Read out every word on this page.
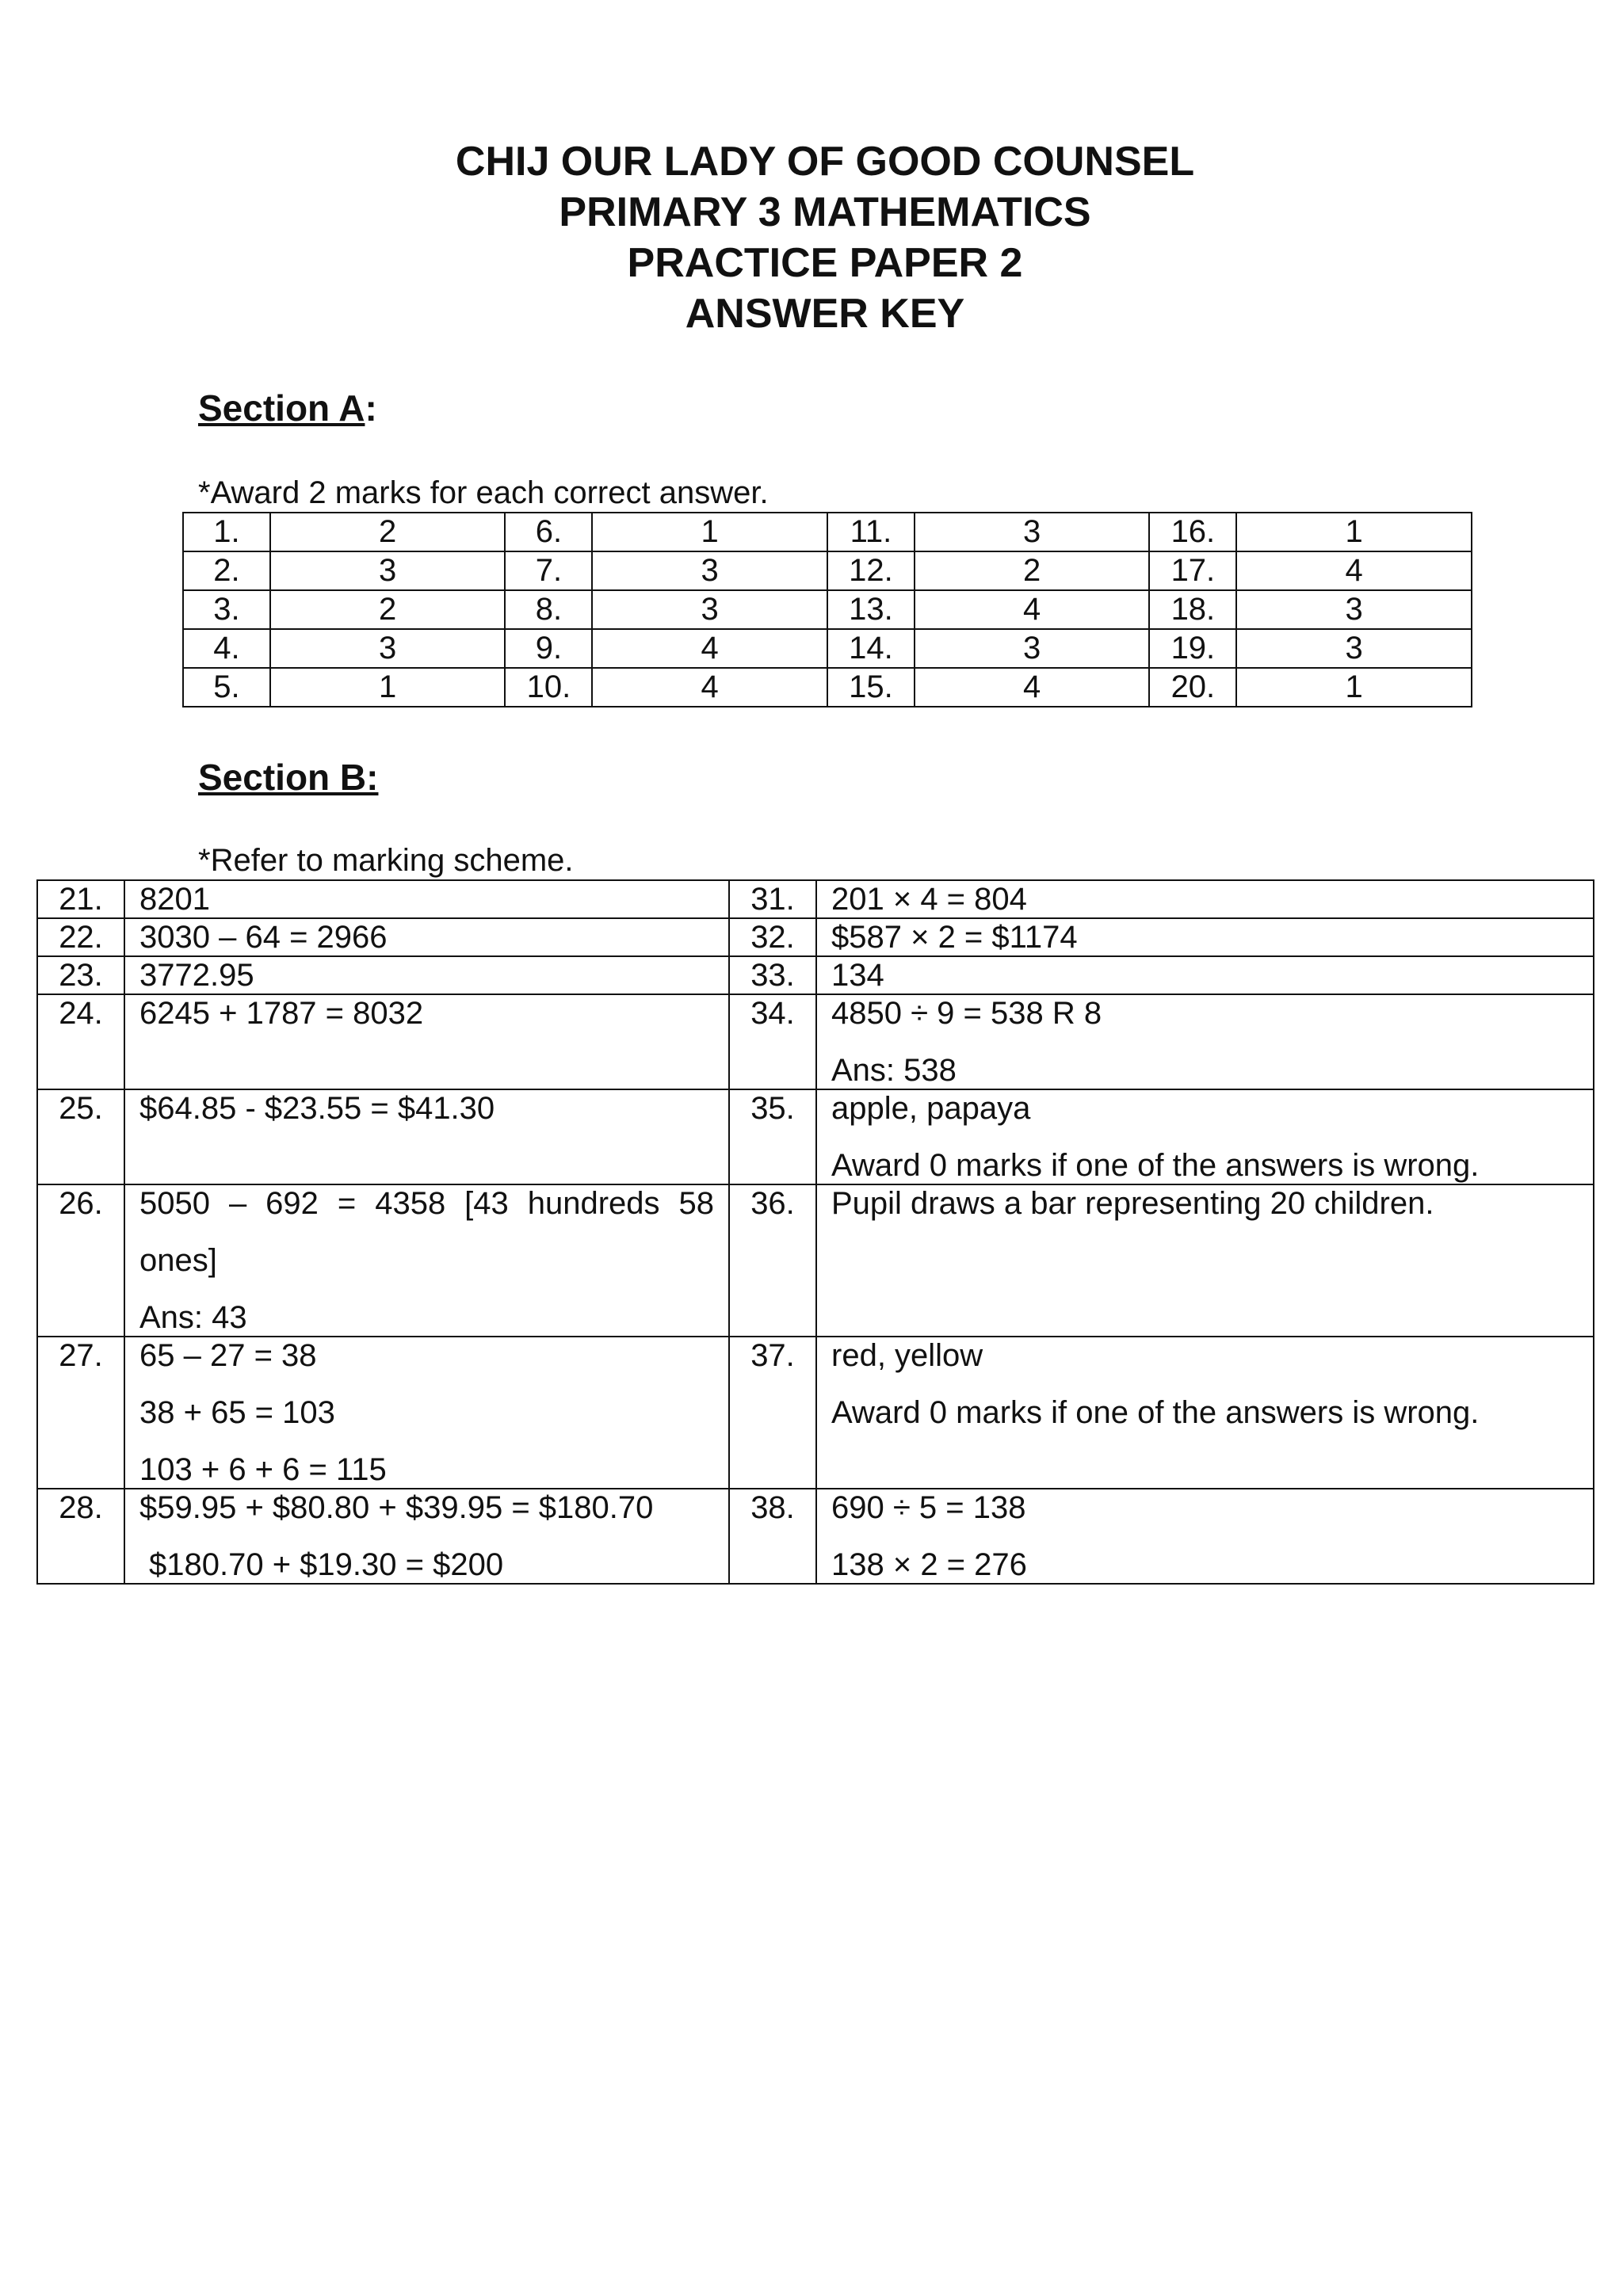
CHIJ OUR LADY OF GOOD COUNSEL

PRIMARY 3 MATHEMATICS

PRACTICE PAPER 2

ANSWER KEY

Section A:

*Award 2 marks for each correct answer.

1.	2	6.	1	11.	3	16.	1
2.	3	7.	3	12.	2	17.	4
3.	2	8.	3	13.	4	18.	3
4.	3	9.	4	14.	3	19.	3
5.	1	10.	4	15.	4	20.	1

Section B:

*Refer to marking scheme.

21.	8201	31.	201 × 4 = 804

22.	3030 – 64 = 2966	32.	$587 × 2 = $1174

23.	3772.95	33.	134

24.	6245 + 1787 = 8032	34.	4850 ÷ 9 = 538 R 8
Ans: 538

25.	$64.85 - $23.55 = $41.30	35.	apple, papaya
Award 0 marks if one of the answers is wrong.

26.	5050 – 692 = 4358 [43 hundreds 58
ones]
Ans: 43	36.	Pupil draws a bar representing 20 children.

27.	65 – 27 = 38
38 + 65 = 103
103 + 6 + 6 = 115	37.	red, yellow
Award 0 marks if one of the answers is wrong.

28.	$59.95 + $80.80 + $39.95 = $180.70
$180.70 + $19.30 = $200	38.	690 ÷ 5 = 138
138 × 2 = 276
